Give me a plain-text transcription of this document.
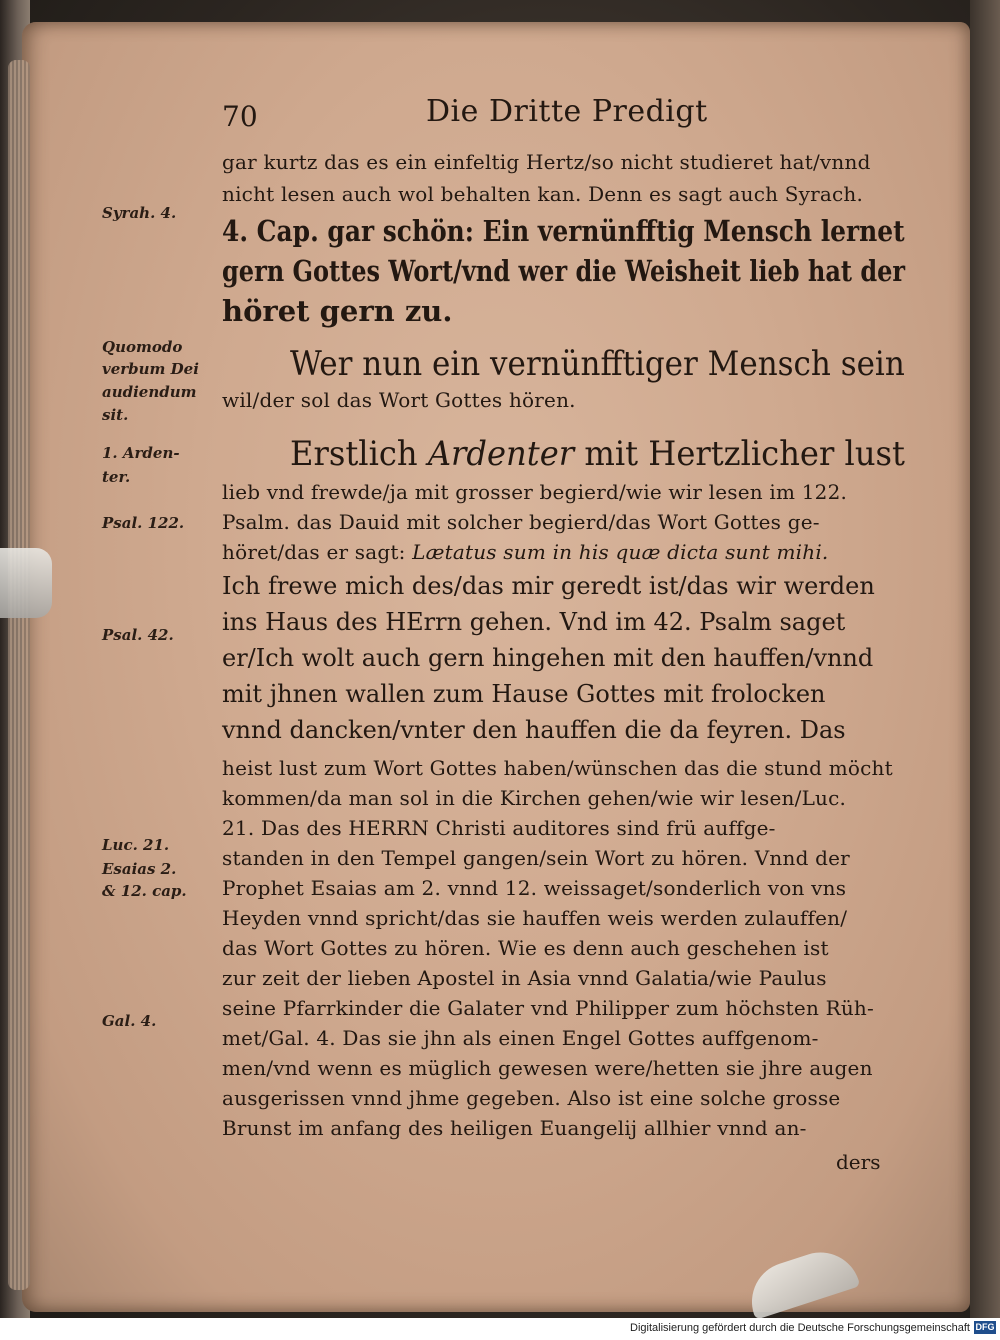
70	Die Dritte Predigt
Syrah. 4.
Quomodo
verbum Dei
audiendum
sit.
1. Arden-
ter.
Psal. 122.
Psal. 42.
Luc. 21.
Esaias 2.
& 12. cap.
Gal. 4.
gar kurtz das es ein einfeltig Hertz/so nicht studieret hat/vnnd
nicht lesen auch wol behalten kan. Denn es sagt auch Syrach.
4. Cap. gar schön: Ein vernünfftig Mensch lernet
gern Gottes Wort/vnd wer die Weisheit lieb hat der
höret gern zu.
Wer nun ein vernünfftiger Mensch sein
wil/der sol das Wort Gottes hören.
Erstlich Ardenter mit Hertzlicher lust
lieb vnd frewde/ja mit grosser begierd/wie wir lesen im 122.
Psalm. das Dauid mit solcher begierd/das Wort Gottes ge-
höret/das er sagt: Lætatus sum in his quæ dicta sunt mihi.
Ich frewe mich des/das mir geredt ist/das wir werden
ins Haus des HErrn gehen. Vnd im 42. Psalm saget
er/Ich wolt auch gern hingehen mit den hauffen/vnnd
mit jhnen wallen zum Hause Gottes mit frolocken
vnnd dancken/vnter den hauffen die da feyren. Das
heist lust zum Wort Gottes haben/wünschen das die stund möcht
kommen/da man sol in die Kirchen gehen/wie wir lesen/Luc.
21. Das des HERRN Christi auditores sind frü auffge-
standen in den Tempel gangen/sein Wort zu hören. Vnnd der
Prophet Esaias am 2. vnnd 12. weissaget/sonderlich von vns
Heyden vnnd spricht/das sie hauffen weis werden zulauffen/
das Wort Gottes zu hören. Wie es denn auch geschehen ist
zur zeit der lieben Apostel in Asia vnnd Galatia/wie Paulus
seine Pfarrkinder die Galater vnd Philipper zum höchsten Rüh-
met/Gal. 4. Das sie jhn als einen Engel Gottes auffgenom-
men/vnd wenn es müglich gewesen were/hetten sie jhre augen
ausgerissen vnnd jhme gegeben. Also ist eine solche grosse
Brunst im anfang des heiligen Euangelij allhier vnnd an-
ders
Digitalisierung gefördert durch die Deutsche Forschungsgemeinschaft DFG
